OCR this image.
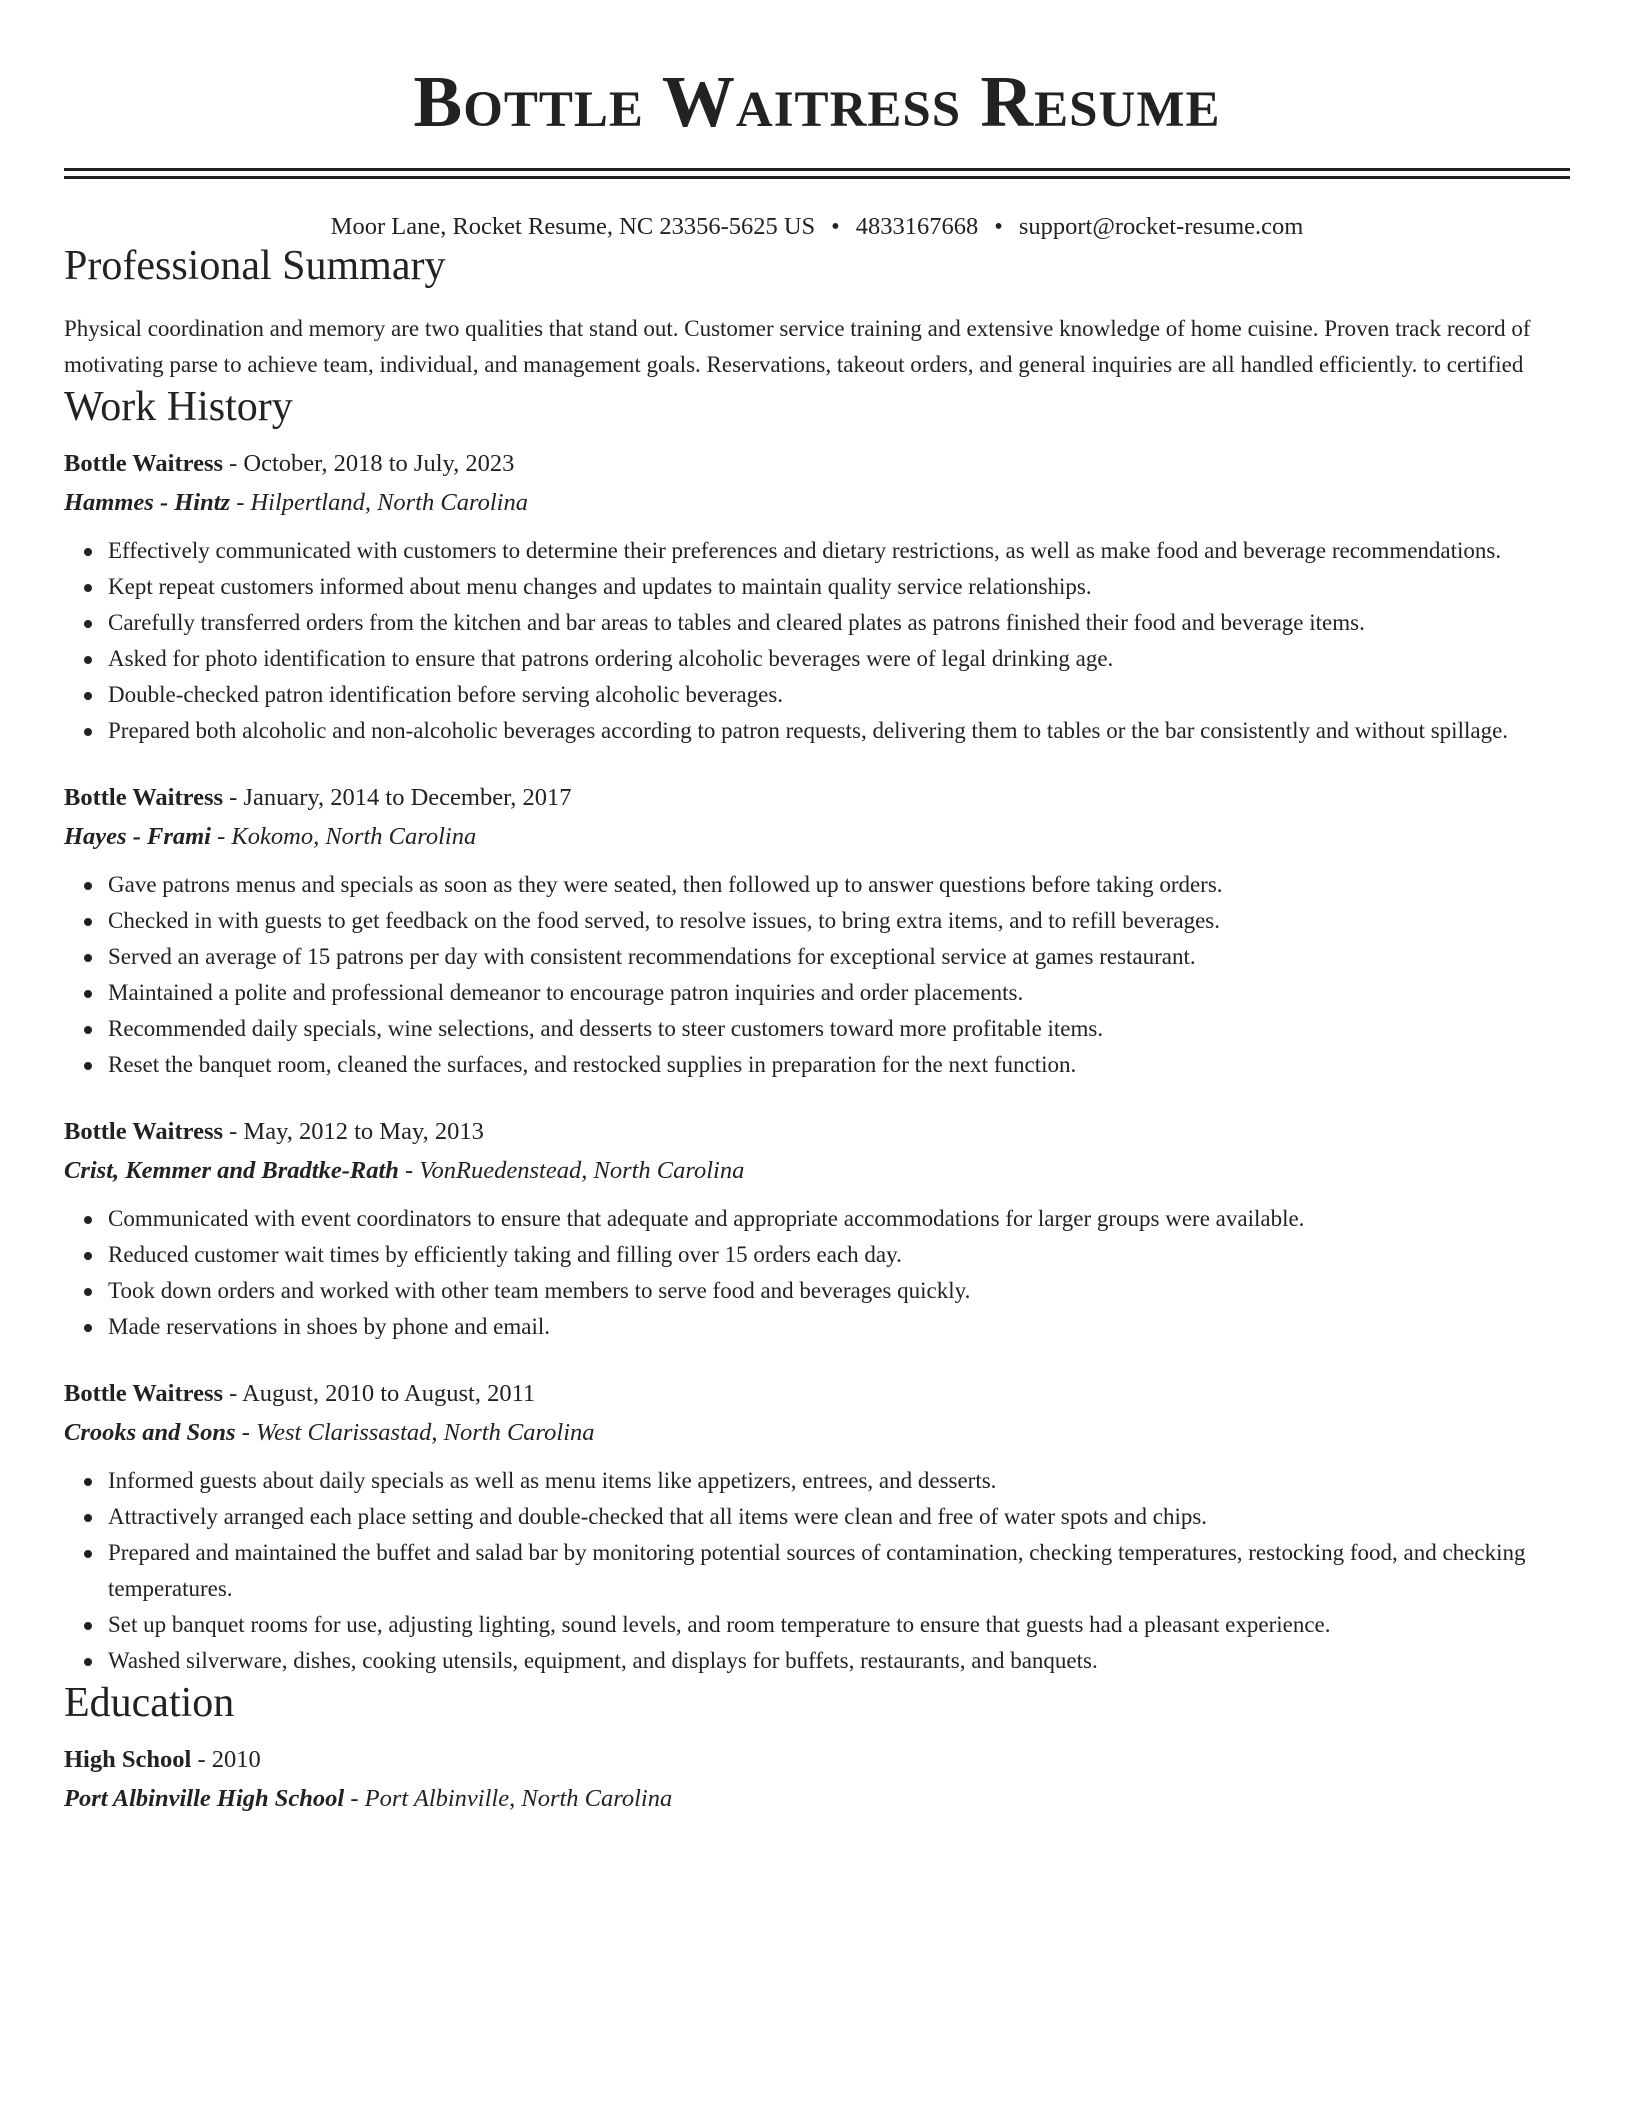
Bottle Waitress Resume
Moor Lane, Rocket Resume, NC 23356-5625 US • 4833167668 • support@rocket-resume.com
Professional Summary

Physical coordination and memory are two qualities that stand out. Customer service training and extensive knowledge of home cuisine. Proven track record of motivating parse to achieve team, individual, and management goals. Reservations, takeout orders, and general inquiries are all handled efficiently. to certified

Work History
Bottle Waitress - October, 2018 to July, 2023
Hammes - Hintz - Hilpertland, North Carolina
Effectively communicated with customers to determine their preferences and dietary restrictions, as well as make food and beverage recommendations.
Kept repeat customers informed about menu changes and updates to maintain quality service relationships.
Carefully transferred orders from the kitchen and bar areas to tables and cleared plates as patrons finished their food and beverage items.
Asked for photo identification to ensure that patrons ordering alcoholic beverages were of legal drinking age.
Double-checked patron identification before serving alcoholic beverages.
Prepared both alcoholic and non-alcoholic beverages according to patron requests, delivering them to tables or the bar consistently and without spillage.
Bottle Waitress - January, 2014 to December, 2017
Hayes - Frami - Kokomo, North Carolina
Gave patrons menus and specials as soon as they were seated, then followed up to answer questions before taking orders.
Checked in with guests to get feedback on the food served, to resolve issues, to bring extra items, and to refill beverages.
Served an average of 15 patrons per day with consistent recommendations for exceptional service at games restaurant.
Maintained a polite and professional demeanor to encourage patron inquiries and order placements.
Recommended daily specials, wine selections, and desserts to steer customers toward more profitable items.
Reset the banquet room, cleaned the surfaces, and restocked supplies in preparation for the next function.
Bottle Waitress - May, 2012 to May, 2013
Crist, Kemmer and Bradtke-Rath - VonRuedenstead, North Carolina
Communicated with event coordinators to ensure that adequate and appropriate accommodations for larger groups were available.
Reduced customer wait times by efficiently taking and filling over 15 orders each day.
Took down orders and worked with other team members to serve food and beverages quickly.
Made reservations in shoes by phone and email.
Bottle Waitress - August, 2010 to August, 2011
Crooks and Sons - West Clarissastad, North Carolina
Informed guests about daily specials as well as menu items like appetizers, entrees, and desserts.
Attractively arranged each place setting and double-checked that all items were clean and free of water spots and chips.
Prepared and maintained the buffet and salad bar by monitoring potential sources of contamination, checking temperatures, restocking food, and checking temperatures.
Set up banquet rooms for use, adjusting lighting, sound levels, and room temperature to ensure that guests had a pleasant experience.
Washed silverware, dishes, cooking utensils, equipment, and displays for buffets, restaurants, and banquets.
Education
High School - 2010
Port Albinville High School - Port Albinville, North Carolina
